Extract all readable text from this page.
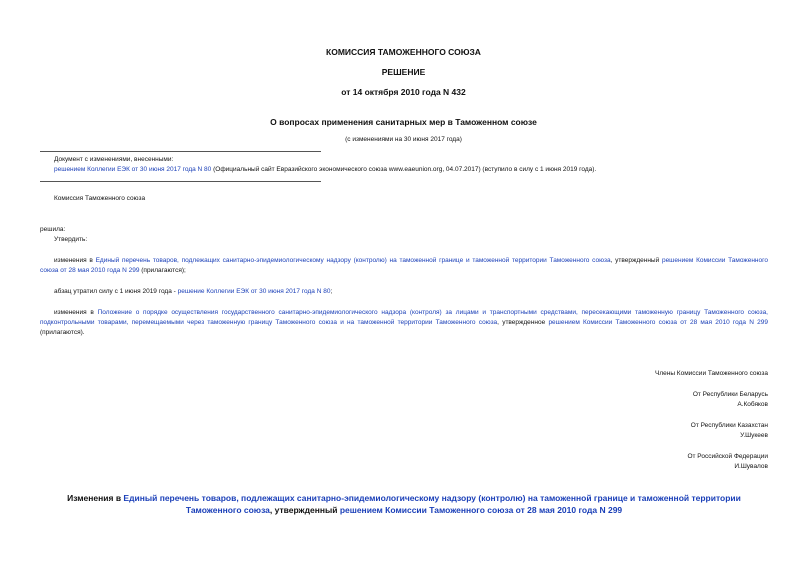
КОМИССИЯ ТАМОЖЕННОГО СОЮЗА
РЕШЕНИЕ
от 14 октября 2010 года N 432
О вопросах применения санитарных мер в Таможенном союзе
(с изменениями на 30 июня 2017 года)
Документ с изменениями, внесенными:
решением Коллегии ЕЭК от 30 июня 2017 года N 80 (Официальный сайт Евразийского экономического союза www.eaeunion.org, 04.07.2017) (вступило в силу с 1 июня 2019 года).
Комиссия Таможенного союза
решила:
Утвердить:
изменения в Единый перечень товаров, подлежащих санитарно-эпидемиологическому надзору (контролю) на таможенной границе и таможенной территории Таможенного союза, утвержденный решением Комиссии Таможенного союза от 28 мая 2010 года N 299 (прилагаются);
абзац утратил силу с 1 июня 2019 года - решение Коллегии ЕЭК от 30 июня 2017 года N 80;
изменения в Положение о порядке осуществления государственного санитарно-эпидемиологического надзора (контроля) за лицами и транспортными средствами, пересекающими таможенную границу Таможенного союза, подконтрольными товарами, перемещаемыми через таможенную границу Таможенного союза и на таможенной территории Таможенного союза, утвержденное решением Комиссии Таможенного союза от 28 мая 2010 года N 299 (прилагаются).
Члены Комиссии Таможенного союза
От Республики Беларусь
А.Кобяков
От Республики Казахстан
У.Шукеев
От Российской Федерации
И.Шувалов
Изменения в Единый перечень товаров, подлежащих санитарно-эпидемиологическому надзору (контролю) на таможенной границе и таможенной территории Таможенного союза, утвержденный решением Комиссии Таможенного союза от 28 мая 2010 года N 299
